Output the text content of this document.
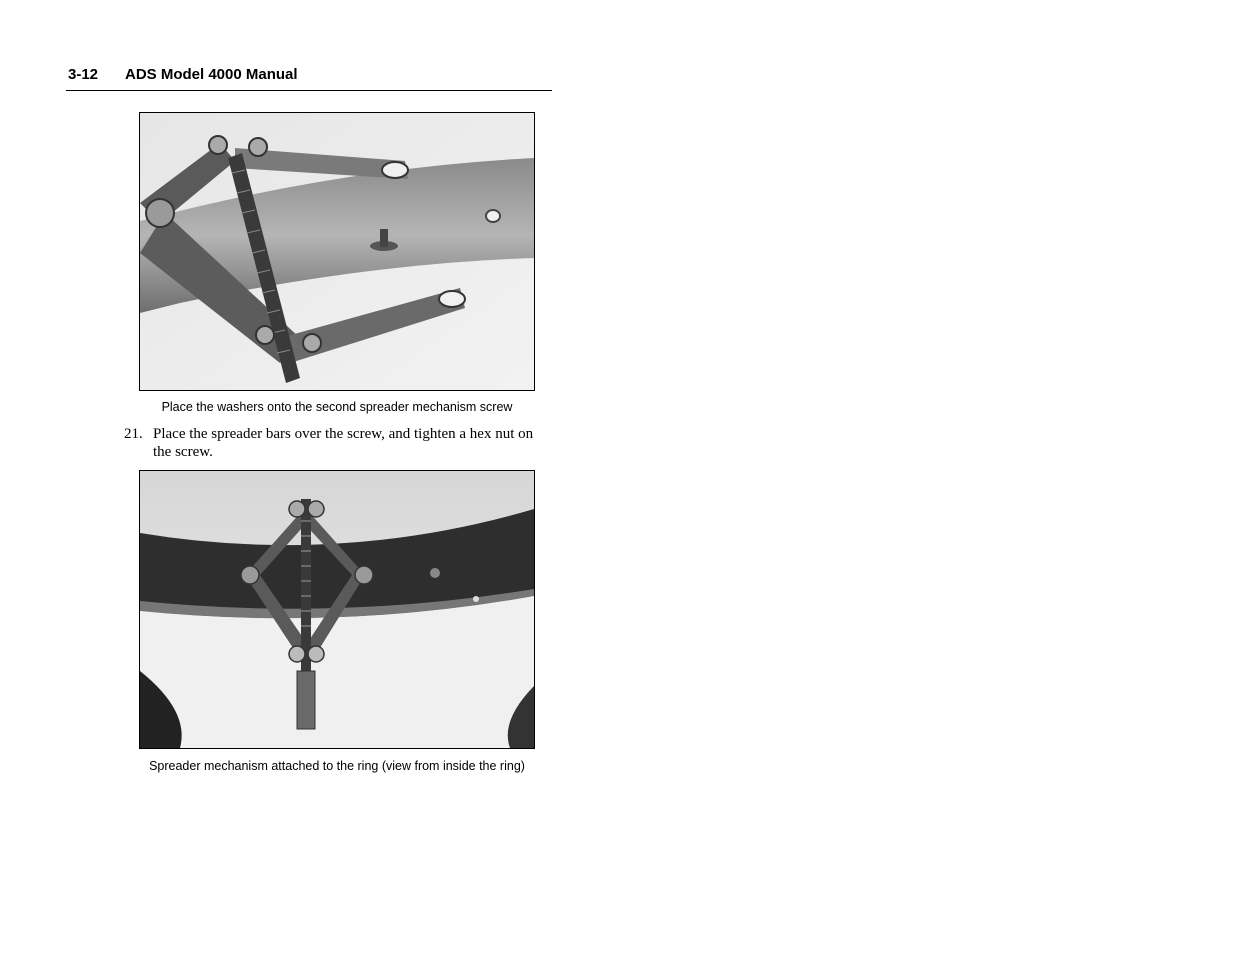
3-12 ADS Model 4000 Manual
Place the washers onto the second spreader mechanism screw
21. Place the spreader bars over the screw, and tighten a hex nut on the screw.
Spreader mechanism attached to the ring (view from inside the ring)
